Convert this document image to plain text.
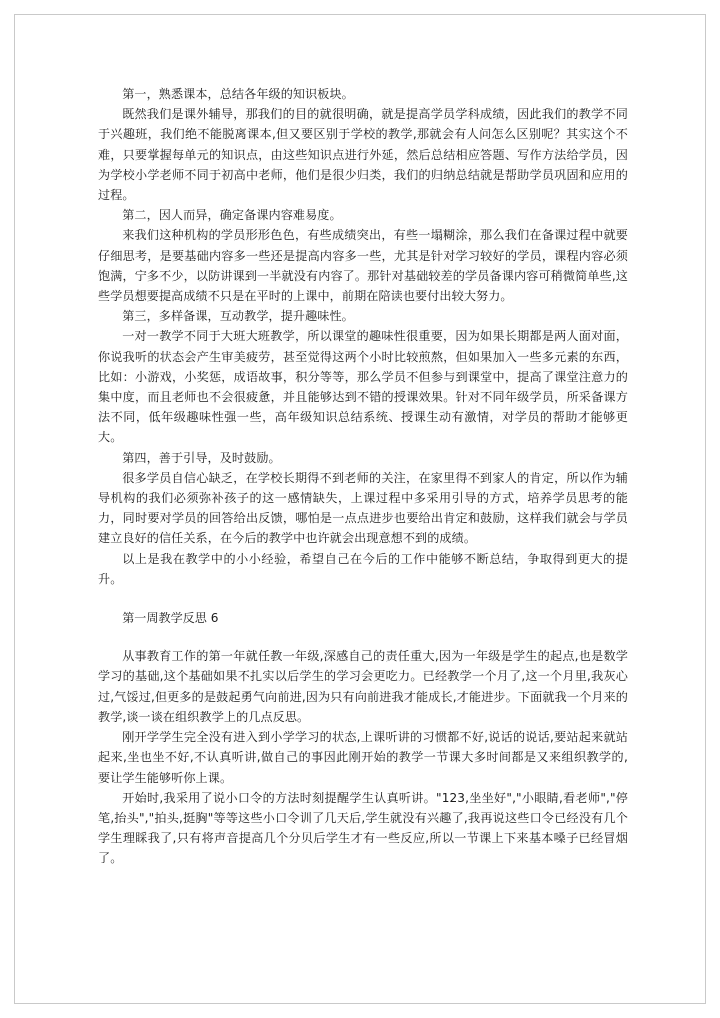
第一，熟悉课本，总结各年级的知识板块。

既然我们是课外辅导，那我们的目的就很明确，就是提高学员学科成绩，因此我们的教学不同于兴趣班，我们绝不能脱离课本,但又要区别于学校的教学,那就会有人问怎么区别呢？其实这个不难，只要掌握每单元的知识点，由这些知识点进行外延，然后总结相应答题、写作方法给学员，因为学校小学老师不同于初高中老师，他们是很少归类，我们的归纳总结就是帮助学员巩固和应用的过程。

第二，因人而异，确定备课内容难易度。

来我们这种机构的学员形形色色，有些成绩突出，有些一塌糊涂，那么我们在备课过程中就要仔细思考，是要基础内容多一些还是提高内容多一些，尤其是针对学习较好的学员，课程内容必须饱满，宁多不少，以防讲课到一半就没有内容了。那针对基础较差的学员备课内容可稍微简单些,这些学员想要提高成绩不只是在平时的上课中，前期在陪读也要付出较大努力。

第三，多样备课，互动教学，提升趣味性。

一对一教学不同于大班大班教学，所以课堂的趣味性很重要，因为如果长期都是两人面对面，你说我听的状态会产生审美疲劳，甚至觉得这两个小时比较煎熬，但如果加入一些多元素的东西，比如：小游戏，小奖惩，成语故事，积分等等，那么学员不但参与到课堂中，提高了课堂注意力的集中度，而且老师也不会很疲惫，并且能够达到不错的授课效果。针对不同年级学员，所采备课方法不同，低年级趣味性强一些，高年级知识总结系统、授课生动有激情，对学员的帮助才能够更大。

第四，善于引导，及时鼓励。

很多学员自信心缺乏，在学校长期得不到老师的关注，在家里得不到家人的肯定，所以作为辅导机构的我们必须弥补孩子的这一感情缺失，上课过程中多采用引导的方式，培养学员思考的能力，同时要对学员的回答给出反馈，哪怕是一点点进步也要给出肯定和鼓励，这样我们就会与学员建立良好的信任关系，在今后的教学中也许就会出现意想不到的成绩。

以上是我在教学中的小小经验，希望自己在今后的工作中能够不断总结，争取得到更大的提升。

第一周教学反思 6

从事教育工作的第一年就任教一年级,深感自己的责任重大,因为一年级是学生的起点,也是数学学习的基础,这个基础如果不扎实以后学生的学习会更吃力。已经教学一个月了,这一个月里,我灰心过,气馁过,但更多的是鼓起勇气向前进,因为只有向前进我才能成长,才能进步。下面就我一个月来的教学,谈一谈在组织教学上的几点反思。

刚开学学生完全没有进入到小学学习的状态,上课听讲的习惯都不好,说话的说话,要站起来就站起来,坐也坐不好,不认真听讲,做自己的事因此刚开始的教学一节课大多时间都是又来组织教学的, 要让学生能够听你上课。

开始时,我采用了说小口令的方法时刻提醒学生认真听讲。"123,坐坐好","小眼睛,看老师","停笔,抬头","拍头,挺胸"等等这些小口令训了几天后,学生就没有兴趣了,我再说这些口令已经没有几个学生理睬我了,只有将声音提高几个分贝后学生才有一些反应,所以一节课上下来基本嗓子已经冒烟了。
